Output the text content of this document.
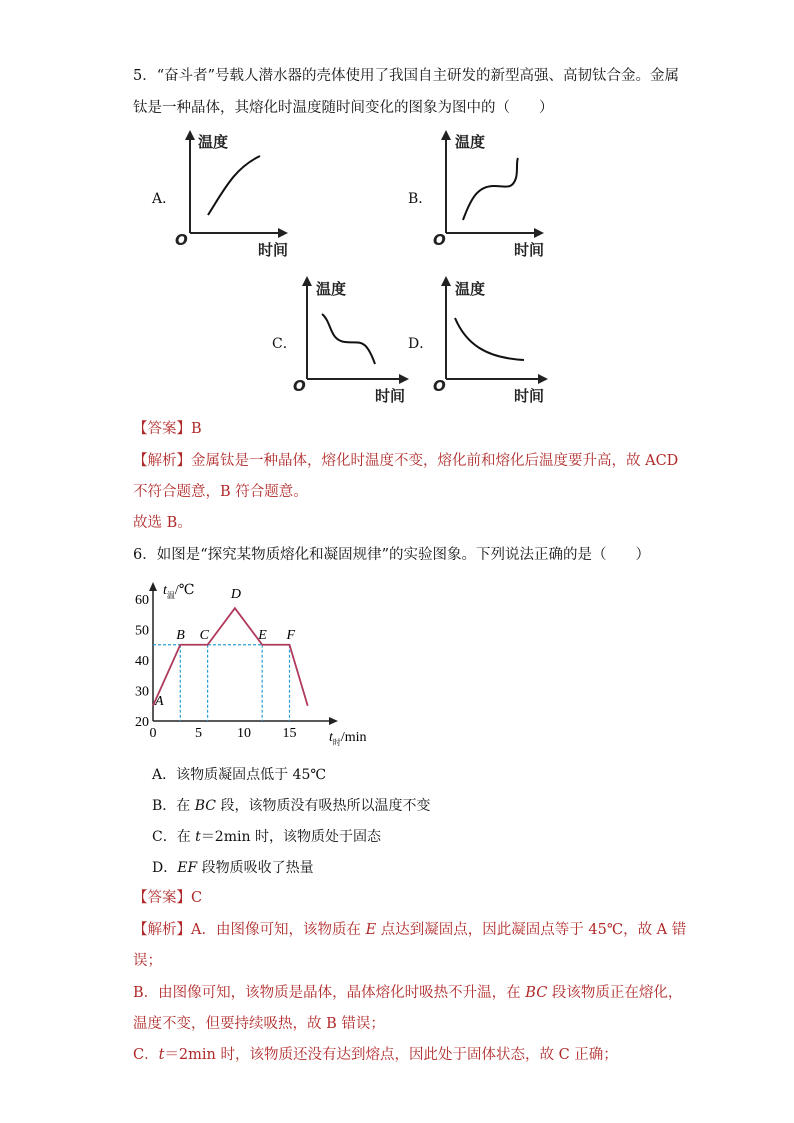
5．“奋斗者”号载人潜水器的壳体使用了我国自主研发的新型高强、高韧钛合金。金属
钛是一种晶体，其熔化时温度随时间变化的图象为图中的（　　）
A．
温度
时间
O
B．
温度
时间
O
C．
温度
时间
O
D．
温度
时间
O
【答案】B
【解析】金属钛是一种晶体，熔化时温度不变，熔化前和熔化后温度要升高，故 ACD
不符合题意，B 符合题意。
故选 B。
6．如图是“探究某物质熔化和凝固规律”的实验图象。下列说法正确的是（　　）
20
30
40
50
60
0	5	10 15
A
B C
D
E F
$t_温/℃$
$t_时/\min$
A．该物质凝固点低于 45℃
B．在 BC 段，该物质没有吸热所以温度不变
C．在 t＝2min 时，该物质处于固态
D．EF 段物质吸收了热量
【答案】C
【解析】A．由图像可知，该物质在 E 点达到凝固点，因此凝固点等于 45℃，故 A 错
误；
B．由图像可知，该物质是晶体，晶体熔化时吸热不升温，在 BC 段该物质正在熔化，
温度不变，但要持续吸热，故 B 错误；
C．t＝2min 时，该物质还没有达到熔点，因此处于固体状态，故 C 正确；
